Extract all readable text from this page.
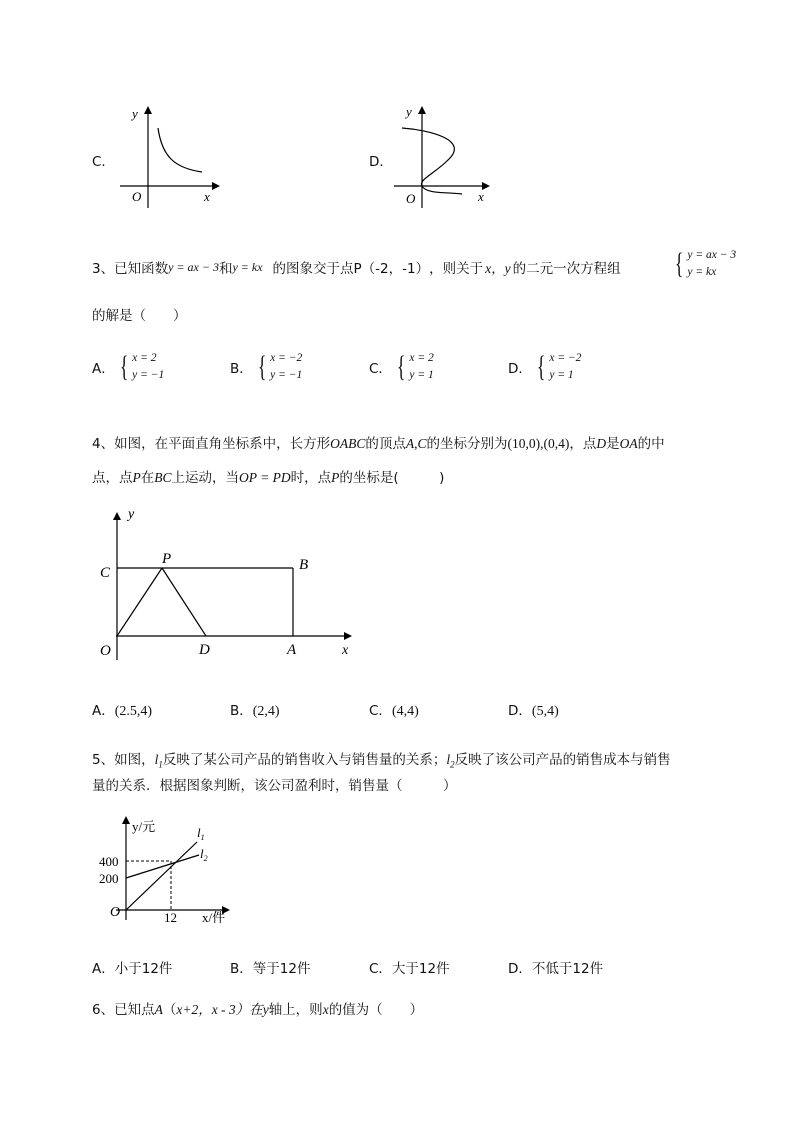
C．
y
x
O
D．
y
x
O
3、已知函数 y = ax − 3 和 y = kx 的图象交于点 P（-2，-1） ，则关于 x，y 的二元一次方程组 { y = ax − 3
y = kx
的解是（　　）
A． { x = 2
y = −1	B． { x = −2
y = −1	C． { x = 2
y = 1	D． { x = −2
y = 1
4、如图，在平面直角坐标系中，长方形OABC的顶点A,C的坐标分别为(10,0),(0,4)，点D是OA的中
点，点P在BC上运动，当OP = PD时，点P的坐标是(　　　)
y
x
O
C
P	B
D	A
A．(2.5,4)	B．(2,4)	C．(4,4)	D．(5,4)
5、如图，$l_1$反映了某公司产品的销售收入与销售量的关系；$l_2$反映了该公司产品的销售成本与销售
量的关系．根据图象判断，该公司盈利时，销售量（　　　）
y/元
x/件
O
400
200
12
$l_1$
$l_2$
A．小于12件	B．等于12件	C．大于12件	D．不低于12件
6、已知点A（x+2，x - 3）在y轴上，则x的值为（　　）
